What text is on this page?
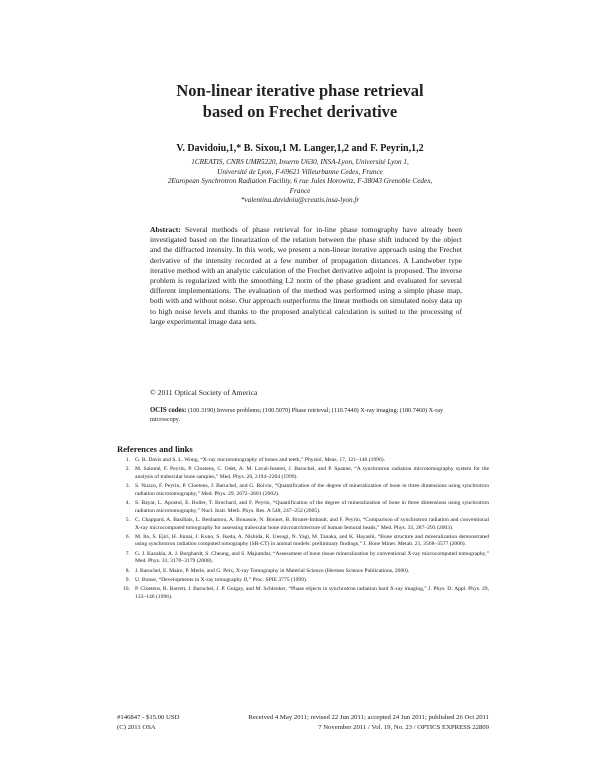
Non-linear iterative phase retrieval
based on Frechet derivative
V. Davidoiu,1,* B. Sixou,1 M. Langer,1,2 and F. Peyrin,1,2
1CREATIS, CNRS UMR5220, Inserm U630, INSA-Lyon, Université Lyon 1,
Université de Lyon, F-69621 Villeurbanne Cedex, France
2European Synchrotron Radiation Facility, 6 rue Jules Horowitz, F-38043 Grenoble Cedex,
France
*valentina.davidoiu@creatis.insa-lyon.fr
Abstract: Several methods of phase retrieval for in-line phase tomography have already been investigated based on the linearization of the relation between the phase shift induced by the object and the diffracted intensity. In this work, we present a non-linear iterative approach using the Frechet derivative of the intensity recorded at a few number of propagation distances. A Landweber type iterative method with an analytic calculation of the Frechet derivative adjoint is proposed. The inverse problem is regularized with the smoothing L2 norm of the phase gradient and evaluated for several different implementations. The evaluation of the method was performed using a simple phase map, both with and without noise. Our approach outperforms the linear methods on simulated noisy data up to high noise levels and thanks to the proposed analytical calculation is suited to the processing of large experimental image data sets.
© 2011 Optical Society of America
OCIS codes: (100.3190) Inverse problems; (100.5070) Phase retrieval; (110.7440) X-ray imaging; (180.7460) X-ray microscopy.
References and links
1. G. R. Davis and S. L. Wong, “X-ray microtomography of bones and teeth,” Physiol. Meas. 17, 121–146 (1996).
2. M. Salomé, F. Peyrin, P. Cloetens, C. Odet, A. M. Laval-Jeantet, J. Baruchel, and P. Spanne, “A synchrotron radiation microtomography system for the analysis of trabecular bone samples,” Med. Phys. 26, 2194–2204 (1999).
3. S. Nuzzo, F. Peyrin, P. Cloetens, J. Baruchel, and G. Boivin, “Quantification of the degree of mineralization of bone in three dimensions using synchrotron radiation microtomography,” Med. Phys. 29, 2672–2681 (2002).
4. S. Bayat, L. Apostol, E. Boller, T. Brochard, and F. Peyrin, “Quantification of the degree of mineralization of bone in three dimensions using synchrotron radiation microtomography,” Nucl. Instr. Meth. Phys. Res. A 548, 247–252 (2005).
5. C. Chappard, A. Basillais, L. Benhamou, A. Bonassie, N. Bonnet, B. Brunet-Imbault, and F. Peyrin, “Comparison of synchrotron radiation and conventional X-ray microcomputed tomography for assessing trabecular bone microarchitecture of human femoral heads,” Med. Phys. 33, 287–293 (2003).
6. M. Ito, S. Ejiri, H. Jinnai, J. Kono, S. Ikeda, A. Nishida, K. Uesugi, N. Yagi, M. Tanaka, and K. Hayashi, “Bone structure and mineralization demonstrated using synchrotron radiation computed tomography (SR-CT) in animal models: preliminary findings,” J. Bone Miner. Metab. 21, 3568–3577 (2006).
7. G. J. Kazakia, A. J. Burghardt, S. Cheung, and S. Majumdar, “Assessment of bone tissue mineralization by conventional X-ray microcomputed tomography,” Med. Phys. 33, 3170–3179 (2008).
8. J. Baruchel, E. Maire, P. Merle, and G. Peix, X-ray Tomography in Material Science (Hermes Science Publications, 2000).
9. U. Bonse, “Developments in X-ray tomography II,” Proc. SPIE 3775 (1999).
10. P. Cloetens, R. Barrett, J. Baruchel, J. P. Guigay, and M. Schlenker, “Phase objects in synchrotron radiation hard X-ray imaging,” J. Phys. D: Appl. Phys. 29, 133–146 (1996).
#146847 - $15.00 USD	Received 4 May 2011; revised 22 Jun 2011; accepted 24 Jun 2011; published 26 Oct 2011
(C) 2011 OSA	7 November 2011 / Vol. 19, No. 23 / OPTICS EXPRESS 22809
